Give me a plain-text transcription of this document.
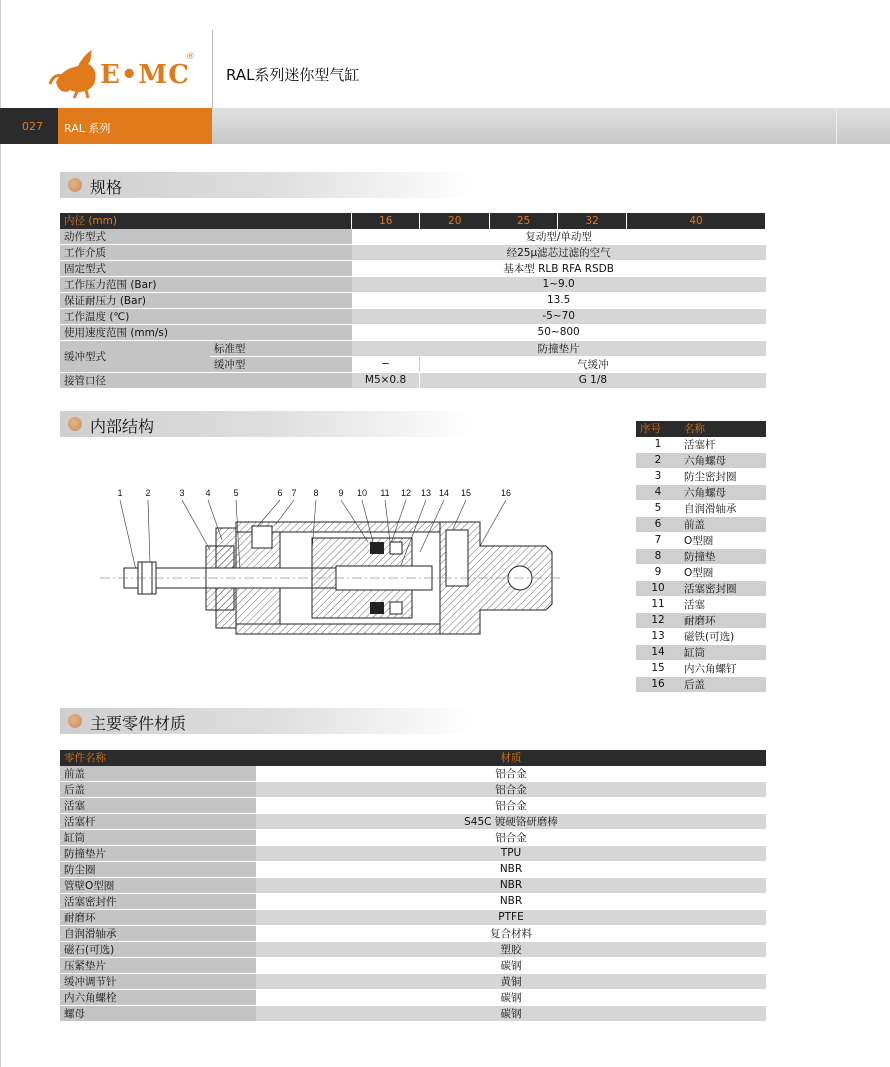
E•MC
®
RAL系列迷你型气缸
027 RAL 系列
规格
内径 (mm)		16	20	25	32	40
动作型式		复动型/单动型				
工作介质		经25μ滤芯过滤的空气				
固定型式		基本型 RLB RFA RSDB				
工作压力范围 (Bar)		1~9.0				
保证耐压力 (Bar)		13.5				
工作温度 (℃)		-5~70				
使用速度范围 (mm/s)		50~800				
缓冲型式	标准型	防撞垫片				
	缓冲型	−	气缓冲			
接管口径		M5×0.8	G 1/8			
内部结构
1	2	3 4	5	6 7 8 9 10 11 12 13 14 15	16
序号	名称
1	活塞杆
2	六角螺母
3	防尘密封圈
4	六角螺母
5	自润滑轴承
6	前盖
7	O型圈
8	防撞垫
9	O型圈
10	活塞密封圈
11	活塞
12	耐磨环
13	磁铁(可选)
14	缸筒
15	内六角螺钉
16	后盖
主要零件材质
零件名称	材质
前盖	铝合金
后盖	铝合金
活塞	铝合金
活塞杆	S45C 镀硬铬研磨棒
缸筒	铝合金
防撞垫片	TPU
防尘圈	NBR
管壁O型圈	NBR
活塞密封件	NBR
耐磨环	PTFE
自润滑轴承	复合材料
磁石(可选)	塑胶
压紧垫片	碳钢
缓冲调节针	黄铜
内六角螺栓	碳钢
螺母	碳钢
